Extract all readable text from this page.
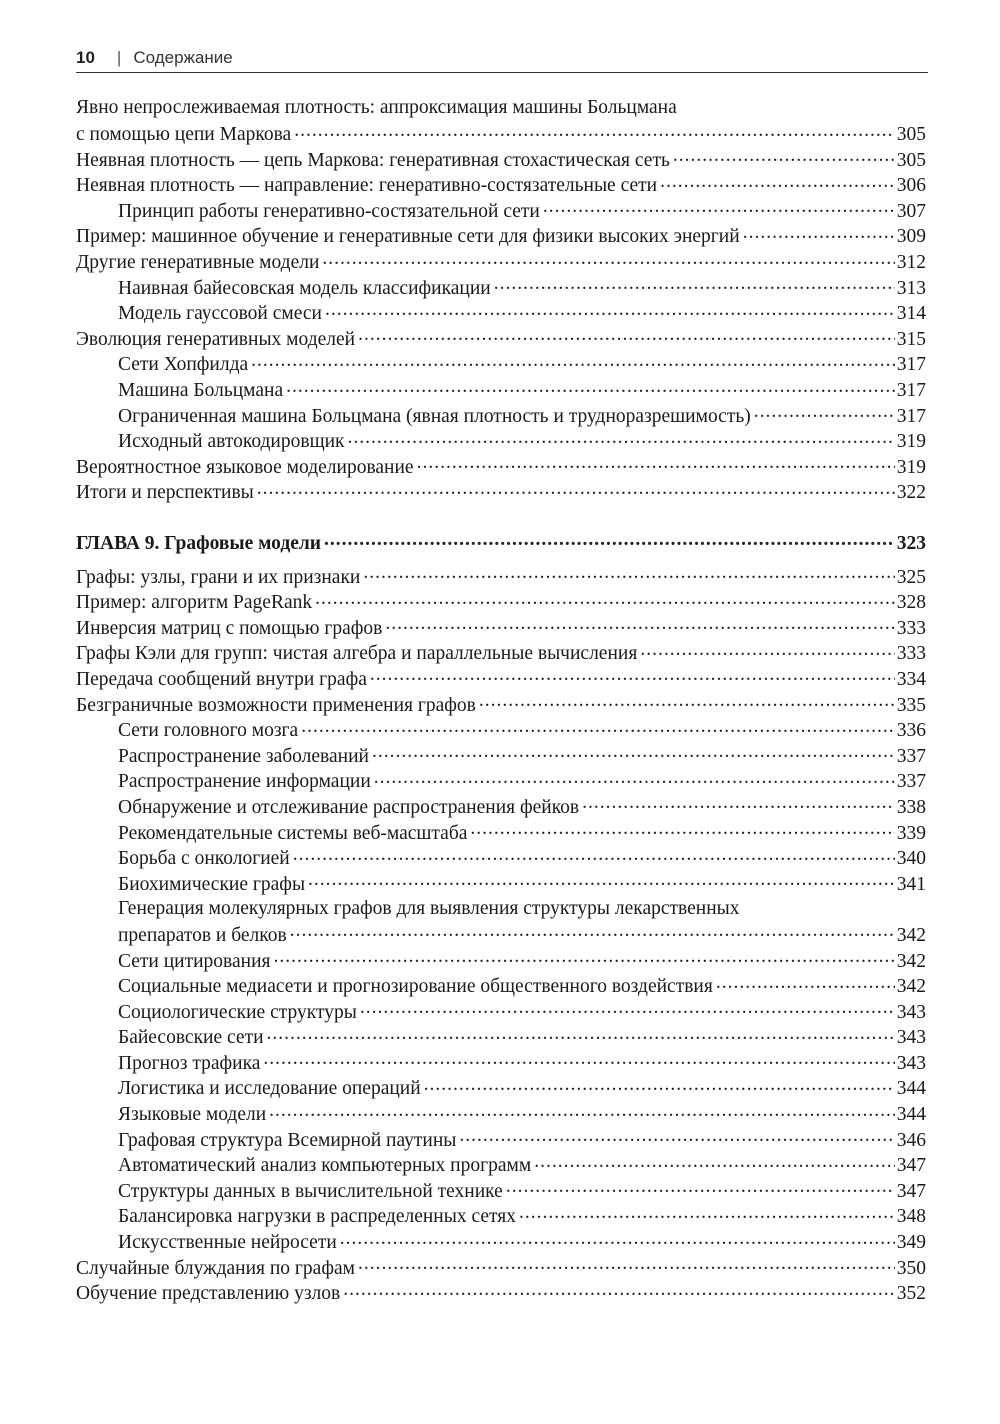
10 | Содержание
Явно непрослеживаемая плотность: аппроксимация машины Больцмана
с помощью цепи Маркова .....	305
Неявная плотность — цепь Маркова: генеративная стохастическая сеть .....	305
Неявная плотность — направление: генеративно-состязательные сети .....	306
Принцип работы генеративно-состязательной сети .....	307
Пример: машинное обучение и генеративные сети для физики высоких энергий .....	309
Другие генеративные модели .....	312
Наивная байесовская модель классификации .....	313
Модель гауссовой смеси .....	314
Эволюция генеративных моделей .....	315
Сети Хопфилда .....	317
Машина Больцмана .....	317
Ограниченная машина Больцмана (явная плотность и трудноразрешимость) .....	317
Исходный автокодировщик .....	319
Вероятностное языковое моделирование .....	319
Итоги и перспективы .....	322
ГЛАВА 9. Графовые модели .....	323
Графы: узлы, грани и их признаки .....	325
Пример: алгоритм PageRank .....	328
Инверсия матриц с помощью графов .....	333
Графы Кэли для групп: чистая алгебра и параллельные вычисления .....	333
Передача сообщений внутри графа .....	334
Безграничные возможности применения графов .....	335
Сети головного мозга .....	336
Распространение заболеваний .....	337
Распространение информации .....	337
Обнаружение и отслеживание распространения фейков .....	338
Рекомендательные системы веб-масштаба .....	339
Борьба с онкологией .....	340
Биохимические графы .....	341
Генерация молекулярных графов для выявления структуры лекарственных
препаратов и белков .....	342
Сети цитирования .....	342
Социальные медиасети и прогнозирование общественного воздействия .....	342
Социологические структуры .....	343
Байесовские сети .....	343
Прогноз трафика .....	343
Логистика и исследование операций .....	344
Языковые модели .....	344
Графовая структура Всемирной паутины .....	346
Автоматический анализ компьютерных программ .....	347
Структуры данных в вычислительной технике .....	347
Балансировка нагрузки в распределенных сетях .....	348
Искусственные нейросети .....	349
Случайные блуждания по графам .....	350
Обучение представлению узлов .....	352
